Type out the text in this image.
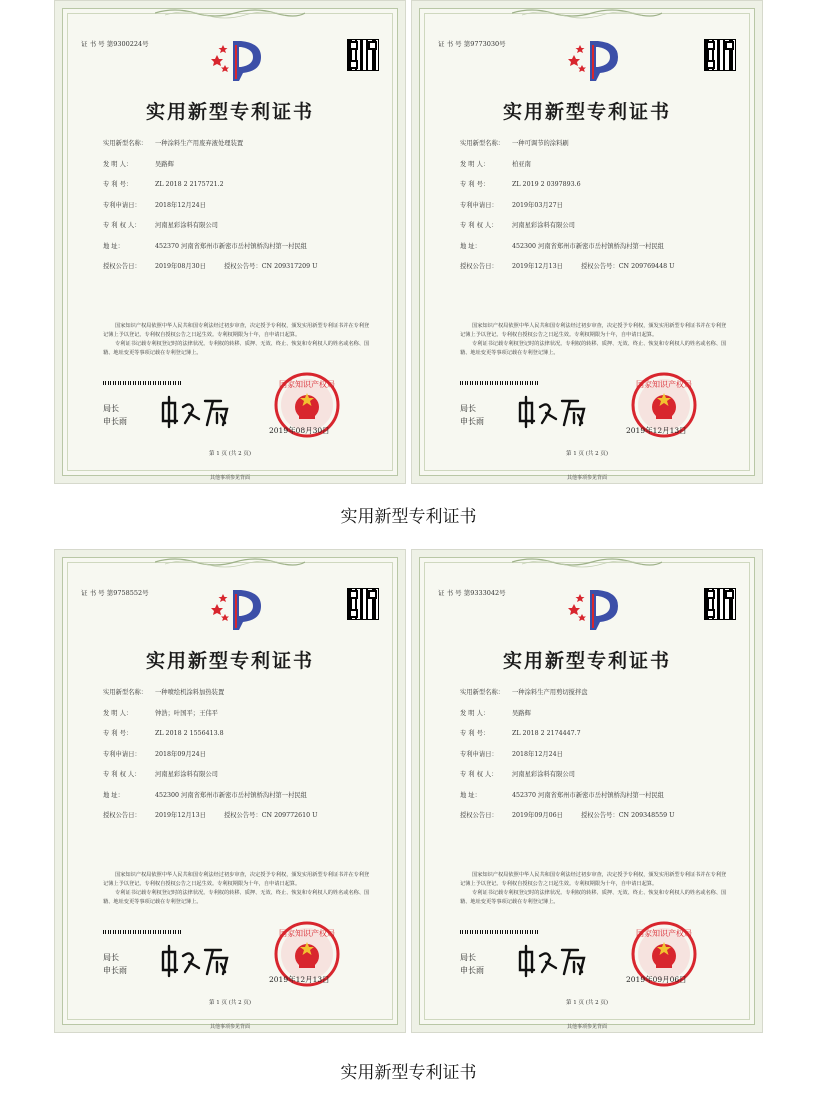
证 书 号 第9300224号
实用新型专利证书
实用新型名称： 一种涂料生产用废弃液处理装置
发 明 人：	吴路辉
专 利 号：	ZL 2018 2 2175721.2
专利申请日： 2018年12月24日
专 利 权 人： 河南星彩涂料有限公司
地 址：	452370 河南省郑州市新密市岳村镇桥沟村第一村民组
授权公告日： 2019年08月30日	授权公告号：CN 209317209 U

国家知识产权局依照中华人民共和国专利法经过初步审查，决定授予专利权，颁发实用新型专利证书并在专利登记簿上予以登记。专利权自授权公告之日起生效。专利权期限为十年，自申请日起算。

专利证书记载专利权登记时的法律状况。专利权的转移、质押、无效、终止、恢复和专利权人的姓名或名称、国籍、地址变更等事项记载在专利登记簿上。

局长
申长雨
国家知识产权局
2019年08月30日
第 1 页 (共 2 页)
其他事项参见背面
证 书 号 第9773030号
实用新型专利证书
实用新型名称： 一种可调节的涂料刷
发 明 人：	柏亚南
专 利 号：	ZL 2019 2 0397893.6
专利申请日： 2019年03月27日
专 利 权 人： 河南星彩涂料有限公司
地 址：	452300 河南省郑州市新密市岳村镇桥沟村第一村民组
授权公告日： 2019年12月13日	授权公告号：CN 209769448 U

国家知识产权局依照中华人民共和国专利法经过初步审查，决定授予专利权，颁发实用新型专利证书并在专利登记簿上予以登记。专利权自授权公告之日起生效。专利权期限为十年，自申请日起算。

专利证书记载专利权登记时的法律状况。专利权的转移、质押、无效、终止、恢复和专利权人的姓名或名称、国籍、地址变更等事项记载在专利登记簿上。

局长
申长雨
国家知识产权局
2019年12月13日
第 1 页 (共 2 页)
其他事项参见背面
证 书 号 第9758552号
实用新型专利证书
实用新型名称： 一种喷绘机涂料加热装置
发 明 人：	钟浩；叶国平；王伟平
专 利 号：	ZL 2018 2 1556413.8
专利申请日： 2018年09月24日
专 利 权 人： 河南星彩涂料有限公司
地 址：	452300 河南省郑州市新密市岳村镇桥沟村第一村民组
授权公告日： 2019年12月13日	授权公告号：CN 209772610 U

国家知识产权局依照中华人民共和国专利法经过初步审查，决定授予专利权，颁发实用新型专利证书并在专利登记簿上予以登记。专利权自授权公告之日起生效。专利权期限为十年，自申请日起算。

专利证书记载专利权登记时的法律状况。专利权的转移、质押、无效、终止、恢复和专利权人的姓名或名称、国籍、地址变更等事项记载在专利登记簿上。

局长
申长雨
国家知识产权局
2019年12月13日
第 1 页 (共 2 页)
其他事项参见背面
证 书 号 第9333042号
实用新型专利证书
实用新型名称： 一种涂料生产用剪切搅拌盘
发 明 人：	吴路辉
专 利 号：	ZL 2018 2 2174447.7
专利申请日： 2018年12月24日
专 利 权 人： 河南星彩涂料有限公司
地 址：	452370 河南省郑州市新密市岳村镇桥沟村第一村民组
授权公告日： 2019年09月06日	授权公告号：CN 209348559 U

国家知识产权局依照中华人民共和国专利法经过初步审查，决定授予专利权，颁发实用新型专利证书并在专利登记簿上予以登记。专利权自授权公告之日起生效。专利权期限为十年，自申请日起算。

专利证书记载专利权登记时的法律状况。专利权的转移、质押、无效、终止、恢复和专利权人的姓名或名称、国籍、地址变更等事项记载在专利登记簿上。

局长
申长雨
国家知识产权局
2019年09月06日
第 1 页 (共 2 页)
其他事项参见背面
实用新型专利证书
实用新型专利证书
